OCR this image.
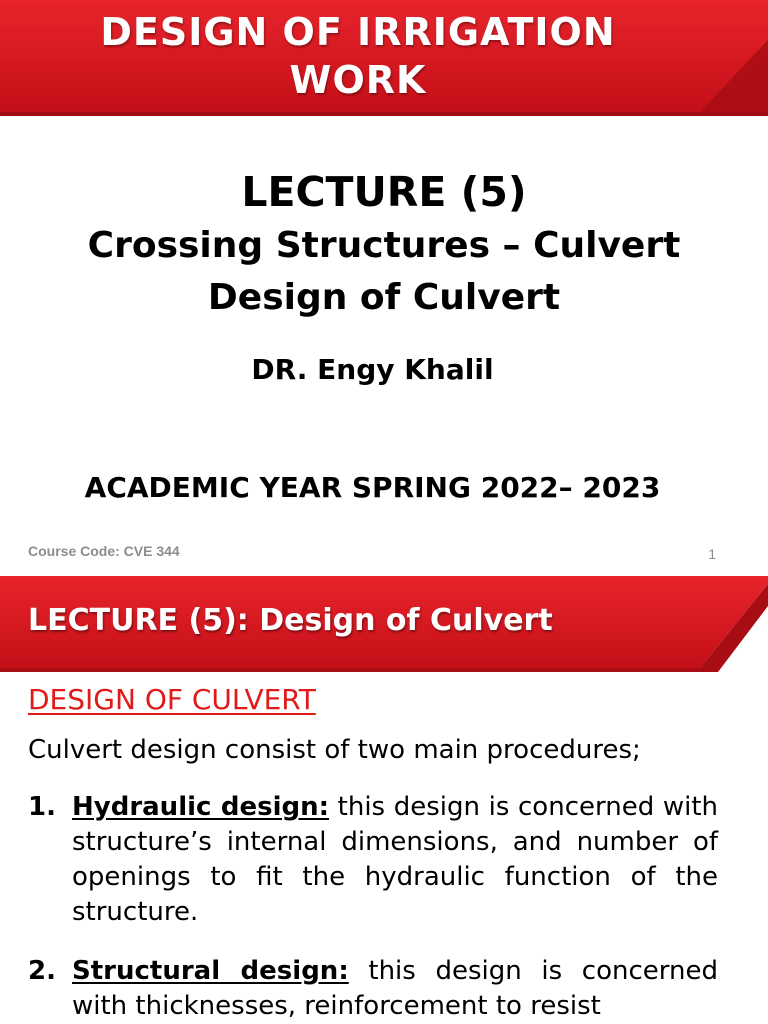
DESIGN OF IRRIGATION
WORK
LECTURE (5)
Crossing Structures – Culvert
Design of Culvert
DR. Engy Khalil
ACADEMIC YEAR SPRING 2022– 2023
Course Code: CVE 344	1
LECTURE (5): Design of Culvert
DESIGN OF CULVERT
Culvert design consist of two main procedures;
1. Hydraulic design: this design is concerned with structure’s internal dimensions, and number of openings to fit the hydraulic function of the structure.
2. Structural design: this design is concerned with thicknesses, reinforcement to resist
